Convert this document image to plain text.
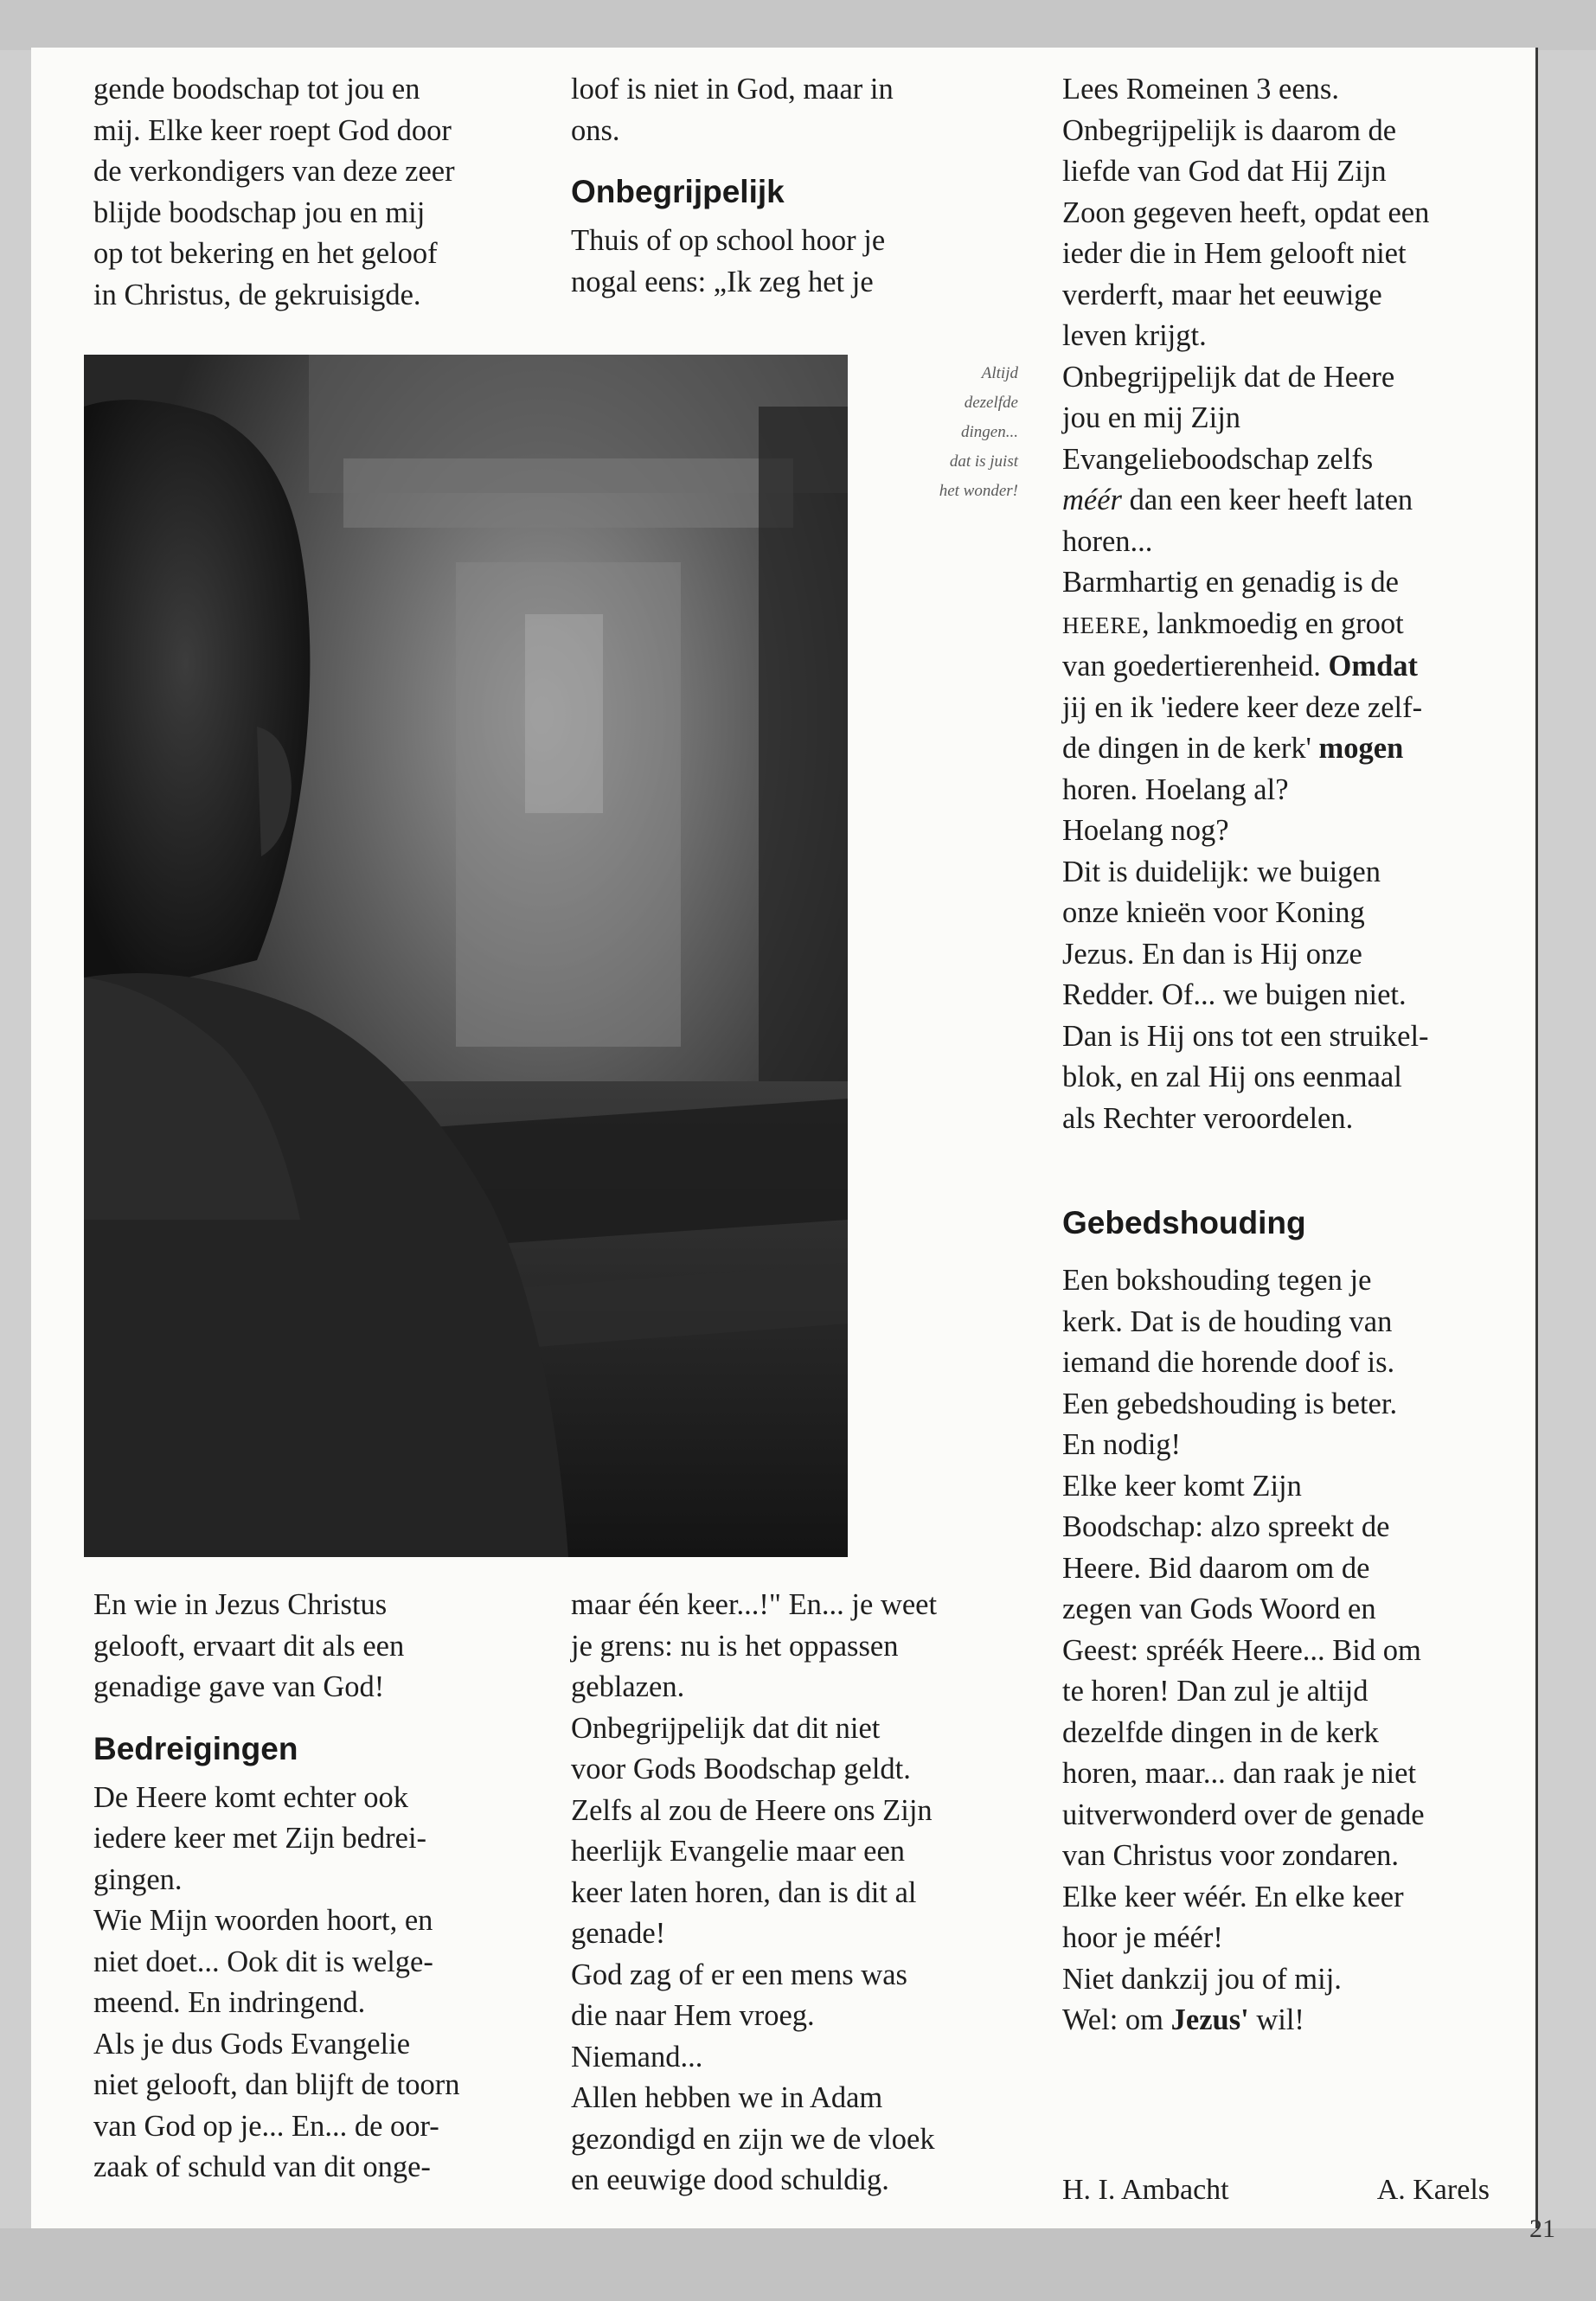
gende boodschap tot jou en

mij. Elke keer roept God door

de verkondigers van deze zeer

blijde boodschap jou en mij

op tot bekering en het geloof

in Christus, de gekruisigde.

loof is niet in God, maar in

ons.

Onbegrijpelijk

Thuis of op school hoor je

nogal eens: „Ik zeg het je

Altijd

dezelfde

dingen...

dat is juist

het wonder!

En wie in Jezus Christus

gelooft, ervaart dit als een

genadige gave van God!

Bedreigingen

De Heere komt echter ook

iedere keer met Zijn bedrei-

gingen.

Wie Mijn woorden hoort, en

niet doet... Ook dit is welge-

meend. En indringend.

Als je dus Gods Evangelie

niet gelooft, dan blijft de toorn

van God op je... En... de oor-

zaak of schuld van dit onge-

maar één keer...!" En... je weet

je grens: nu is het oppassen

geblazen.

Onbegrijpelijk dat dit niet

voor Gods Boodschap geldt.

Zelfs al zou de Heere ons Zijn

heerlijk Evangelie maar een

keer laten horen, dan is dit al

genade!

God zag of er een mens was

die naar Hem vroeg.

Niemand...

Allen hebben we in Adam

gezondigd en zijn we de vloek

en eeuwige dood schuldig.

Lees Romeinen 3 eens.

Onbegrijpelijk is daarom de

liefde van God dat Hij Zijn

Zoon gegeven heeft, opdat een

ieder die in Hem gelooft niet

verderft, maar het eeuwige

leven krijgt.

Onbegrijpelijk dat de Heere

jou en mij Zijn

Evangelieboodschap zelfs

méér dan een keer heeft laten

horen...

Barmhartig en genadig is de

HEERE, lankmoedig en groot

van goedertierenheid. Omdat

jij en ik 'iedere keer deze zelf-

de dingen in de kerk' mogen

horen. Hoelang al?

Hoelang nog?

Dit is duidelijk: we buigen

onze knieën voor Koning

Jezus. En dan is Hij onze

Redder. Of... we buigen niet.

Dan is Hij ons tot een struikel-

blok, en zal Hij ons eenmaal

als Rechter veroordelen.

Gebedshouding

Een bokshouding tegen je

kerk. Dat is de houding van

iemand die horende doof is.

Een gebedshouding is beter.

En nodig!

Elke keer komt Zijn

Boodschap: alzo spreekt de

Heere. Bid daarom om de

zegen van Gods Woord en

Geest: spréék Heere... Bid om

te horen! Dan zul je altijd

dezelfde dingen in de kerk

horen, maar... dan raak je niet

uitverwonderd over de genade

van Christus voor zondaren.

Elke keer wéér. En elke keer

hoor je méér!

Niet dankzij jou of mij.

Wel: om Jezus' wil!

H. I. Ambacht	A. Karels
21
